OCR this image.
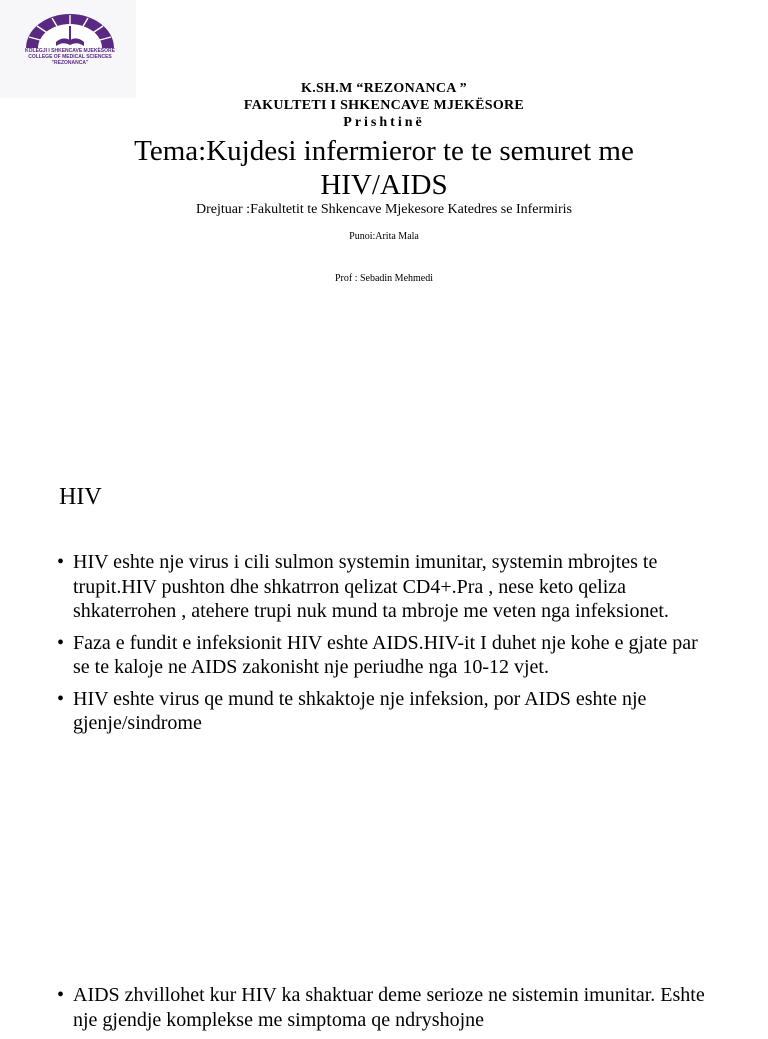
KOLEGJI I SHKENCAVE MJEKËSORE
COLLEGE OF MEDICAL SCIENCES
"REZONANCA"
K.SH.M “REZONANCA ”
FAKULTETI I SHKENCAVE MJEKËSORE
Prishtinë
Tema:Kujdesi infermieror te te semuret me
HIV/AIDS
Drejtuar :Fakultetit te Shkencave Mjekesore Katedres se Infermiris
Punoi:Arita Mala
Prof : Sebadin Mehmedi
HIV
• HIV eshte nje virus i cili sulmon systemin imunitar, systemin mbrojtes te trupit.HIV pushton dhe shkatrron qelizat CD4+.Pra , nese keto qeliza shkaterrohen , atehere trupi nuk mund ta mbroje me veten nga infeksionet.
• Faza e fundit e infeksionit HIV eshte AIDS.HIV-it I duhet nje kohe e gjate par se te kaloje ne AIDS zakonisht nje periudhe nga 10-12 vjet.
• HIV eshte virus qe mund te shkaktoje nje infeksion, por AIDS eshte nje gjenje/sindrome
• AIDS zhvillohet kur HIV ka shaktuar deme serioze ne sistemin imunitar. Eshte nje gjendje komplekse me simptoma qe ndryshojne
